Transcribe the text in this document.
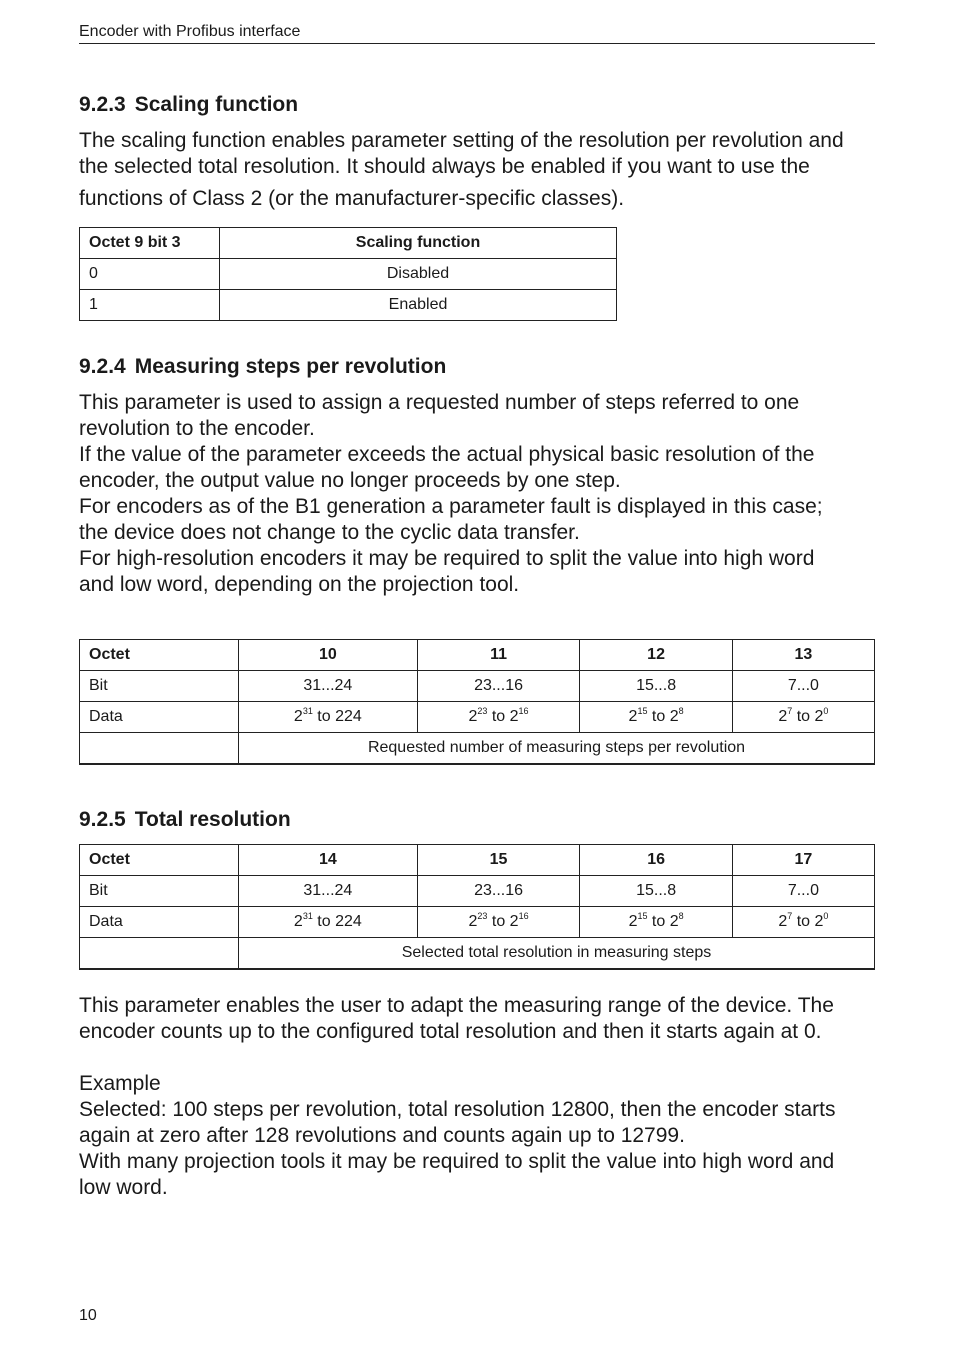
Encoder with Profibus interface
9.2.3 Scaling function

The scaling function enables parameter setting of the resolution per revolution and

the selected total resolution. It should always be enabled if you want to use the

functions of Class 2 (or the manufacturer-specific classes).

Octet 9 bit 3	Scaling function
0	Disabled
1	Enabled
9.2.4 Measuring steps per revolution

This parameter is used to assign a requested number of steps referred to one

revolution to the encoder.

If the value of the parameter exceeds the actual physical basic resolution of the

encoder, the output value no longer proceeds by one step.

For encoders as of the B1 generation a parameter fault is displayed in this case;

the device does not change to the cyclic data transfer.

For high-resolution encoders it may be required to split the value into high word

and low word, depending on the projection tool.

Octet	10	11	12	13
Bit	31...24	23...16	15...8	7...0
Data	$2^{31}$ to 224	$2^{23}$ to $2^{16}$	$2^{15}$ to $2^8$	$2^7$ to $2^0$
	Requested number of measuring steps per revolution			
9.2.5 Total resolution
Octet	14	15	16	17
Bit	31...24	23...16	15...8	7...0
Data	$2^{31}$ to 224	$2^{23}$ to $2^{16}$	$2^{15}$ to $2^8$	$2^7$ to $2^0$
	Selected total resolution in measuring steps			

This parameter enables the user to adapt the measuring range of the device. The

encoder counts up to the configured total resolution and then it starts again at 0.

Example

Selected: 100 steps per revolution, total resolution 12800, then the encoder starts

again at zero after 128 revolutions and counts again up to 12799.

With many projection tools it may be required to split the value into high word and

low word.

10
